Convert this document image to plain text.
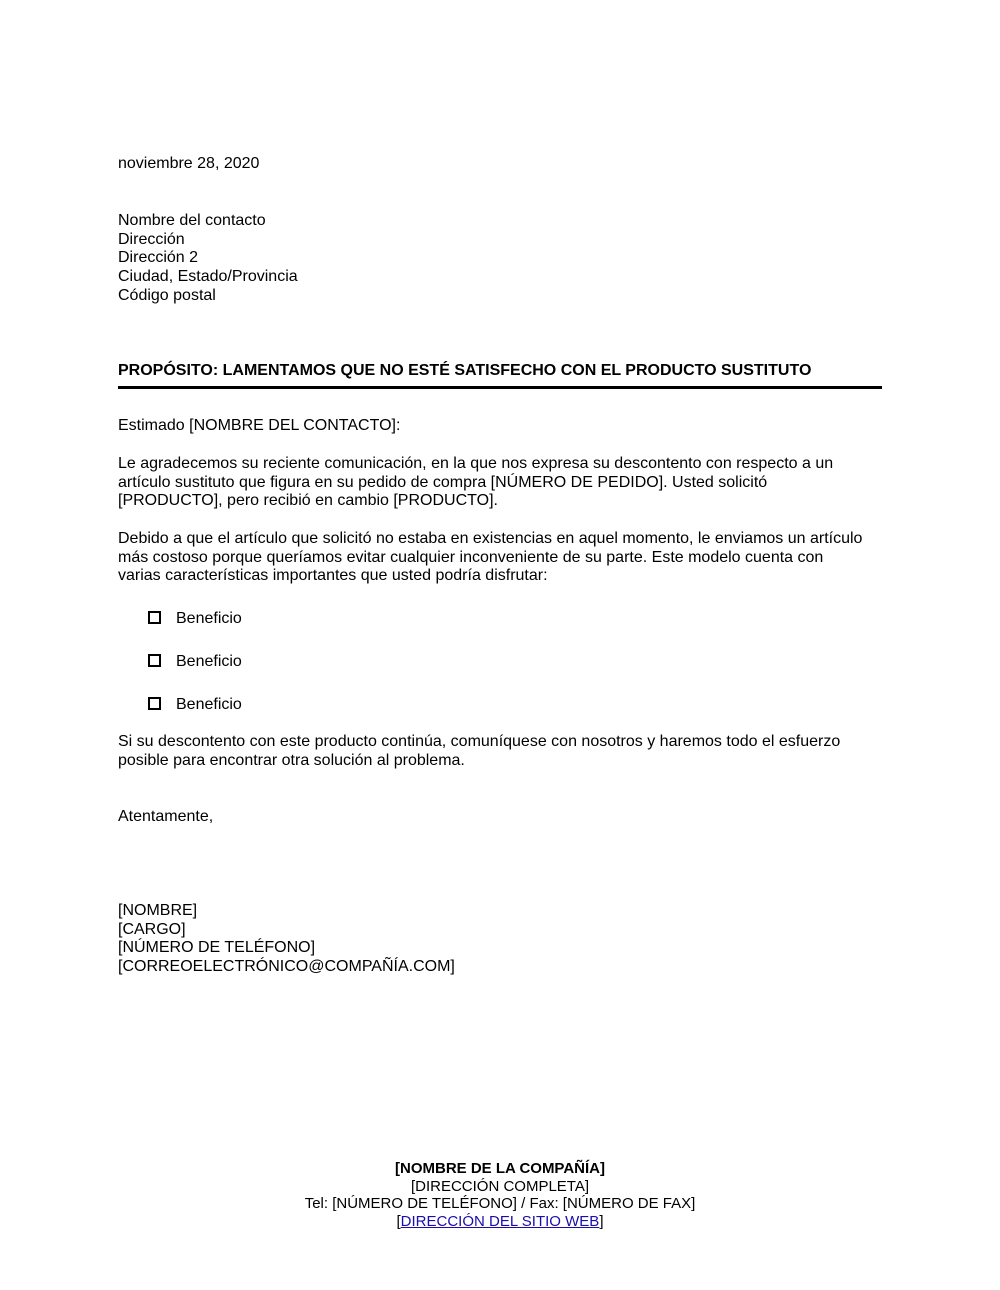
noviembre 28, 2020
Nombre del contacto
Dirección
Dirección 2
Ciudad, Estado/Provincia
Código postal
PROPÓSITO: LAMENTAMOS QUE NO ESTÉ SATISFECHO CON EL PRODUCTO SUSTITUTO
Estimado [NOMBRE DEL CONTACTO]:
Le agradecemos su reciente comunicación, en la que nos expresa su descontento con respecto a un
artículo sustituto que figura en su pedido de compra [NÚMERO DE PEDIDO]. Usted solicitó
[PRODUCTO], pero recibió en cambio [PRODUCTO].
Debido a que el artículo que solicitó no estaba en existencias en aquel momento, le enviamos un artículo
más costoso porque queríamos evitar cualquier inconveniente de su parte. Este modelo cuenta con
varias características importantes que usted podría disfrutar:
Beneficio
Beneficio
Beneficio
Si su descontento con este producto continúa, comuníquese con nosotros y haremos todo el esfuerzo
posible para encontrar otra solución al problema.
Atentamente,
[NOMBRE]
[CARGO]
[NÚMERO DE TELÉFONO]
[CORREOELECTRÓNICO@COMPAÑÍA.COM]
[NOMBRE DE LA COMPAÑÍA]
[DIRECCIÓN COMPLETA]
Tel: [NÚMERO DE TELÉFONO] / Fax: [NÚMERO DE FAX]
[DIRECCIÓN DEL SITIO WEB]
